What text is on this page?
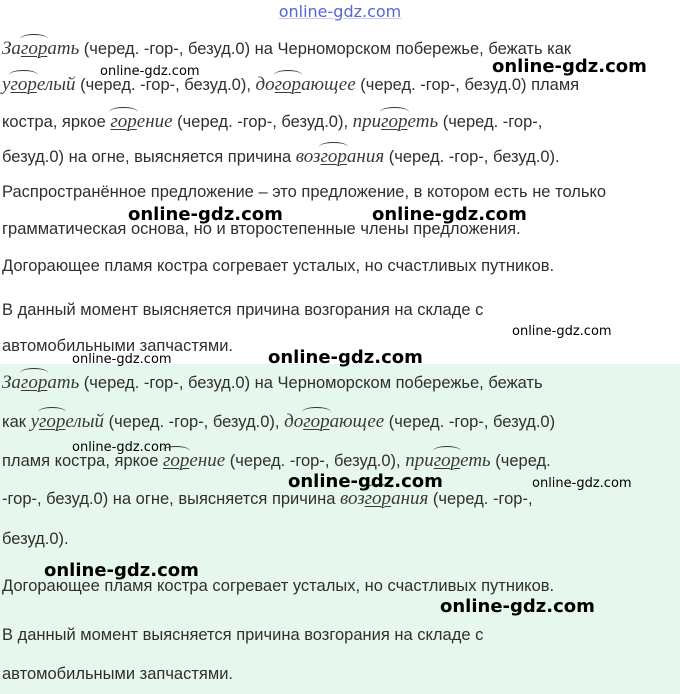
online-gdz.com

Загорать (черед. -гор-, безуд.0) на Черноморском побережье, бежать как

угорелый (черед. -гор-, безуд.0), догорающее (черед. -гор-, безуд.0) пламя

костра, яркое горение (черед. -гор-, безуд.0), пригореть (черед. -гор-,

безуд.0) на огне, выясняется причина возгорания (черед. -гор-, безуд.0).

Распространённое предложение – это предложение, в котором есть не только

грамматическая основа, но и второстепенные члены предложения.

Догорающее пламя костра согревает усталых, но счастливых путников.

В данный момент выясняется причина возгорания на складе с

автомобильными запчастями.

Загорать (черед. -гор-, безуд.0) на Черноморском побережье, бежать

как угорелый (черед. -гор-, безуд.0), догорающее (черед. -гор-, безуд.0)

пламя костра, яркое горение (черед. -гор-, безуд.0), пригореть (черед.

-гор-, безуд.0) на огне, выясняется причина возгорания (черед. -гор-,

безуд.0).

Догорающее пламя костра согревает усталых, но счастливых путников.

В данный момент выясняется причина возгорания на складе с

автомобильными запчастями.

online-gdz.com	online-gdz.com
online-gdz.com	online-gdz.com
online-gdz.com
online-gdz.com	online-gdz.com
online-gdz.com
online-gdz.com	online-gdz.com
online-gdz.com
online-gdz.com
